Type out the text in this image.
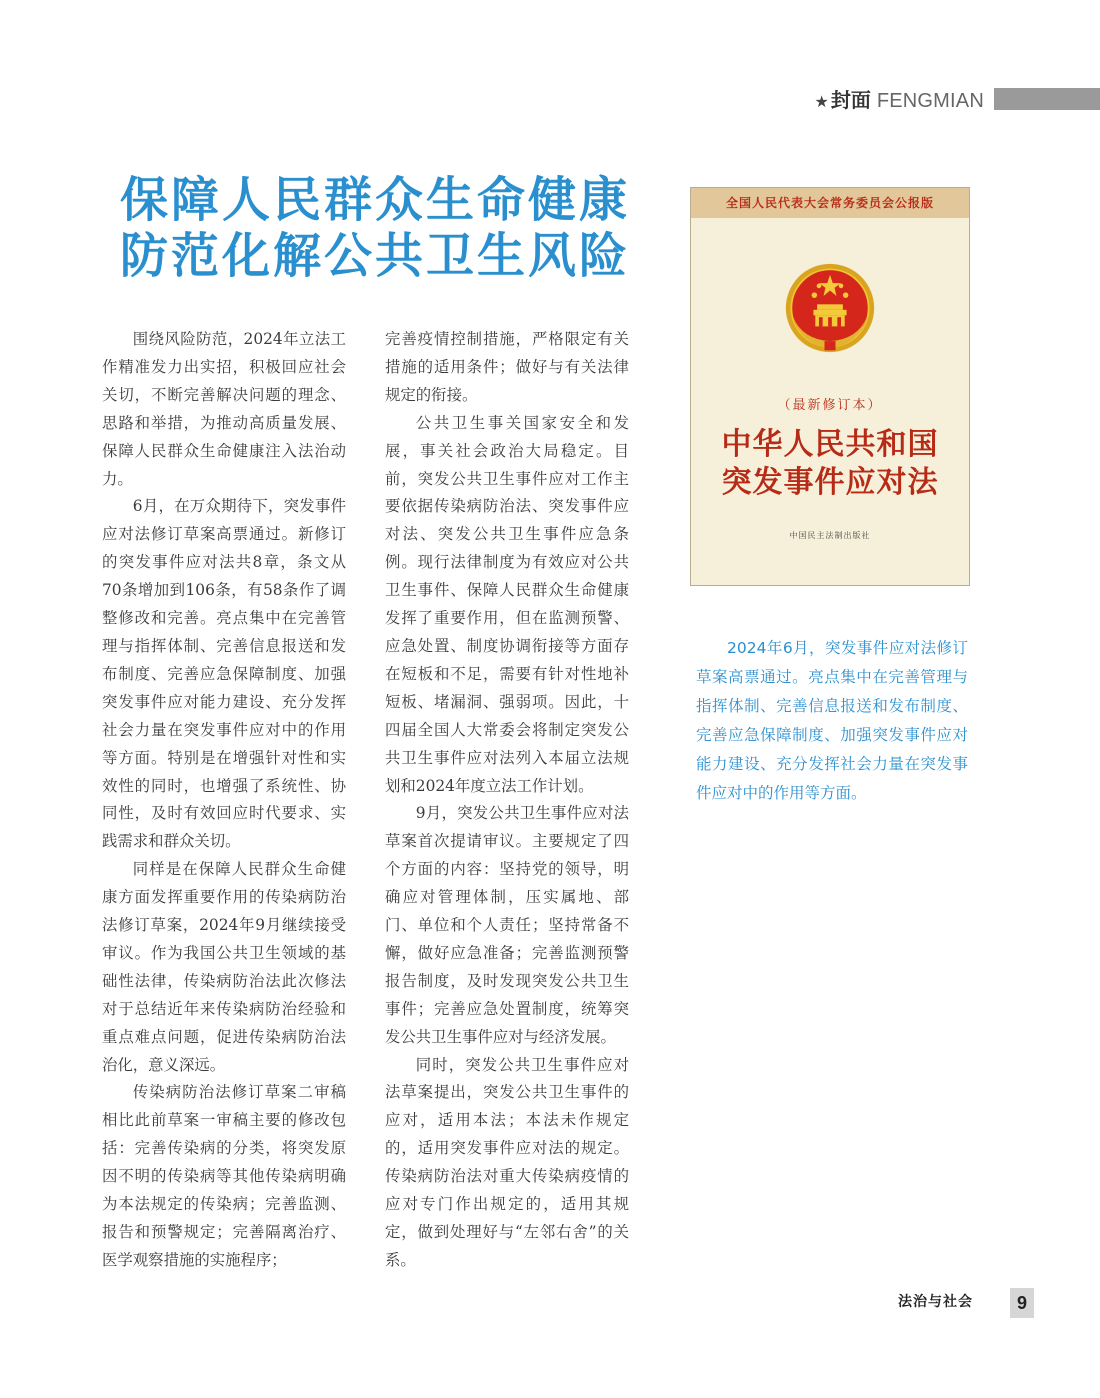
★ 封面 FENGMIAN
保障人民群众生命健康
防范化解公共卫生风险

围绕风险防范，2024年立法工作精准发力出实招，积极回应社会关切，不断完善解决问题的理念、思路和举措，为推动高质量发展、保障人民群众生命健康注入法治动力。

6月，在万众期待下，突发事件应对法修订草案高票通过。新修订的突发事件应对法共8章，条文从70条增加到106条，有58条作了调整修改和完善。亮点集中在完善管理与指挥体制、完善信息报送和发布制度、完善应急保障制度、加强突发事件应对能力建设、充分发挥社会力量在突发事件应对中的作用等方面。特别是在增强针对性和实效性的同时，也增强了系统性、协同性，及时有效回应时代要求、实践需求和群众关切。

同样是在保障人民群众生命健康方面发挥重要作用的传染病防治法修订草案，2024年9月继续接受审议。作为我国公共卫生领域的基础性法律，传染病防治法此次修法对于总结近年来传染病防治经验和重点难点问题，促进传染病防治法治化，意义深远。

传染病防治法修订草案二审稿相比此前草案一审稿主要的修改包括：完善传染病的分类，将突发原因不明的传染病等其他传染病明确为本法规定的传染病；完善监测、报告和预警规定；完善隔离治疗、医学观察措施的实施程序；

完善疫情控制措施，严格限定有关措施的适用条件；做好与有关法律规定的衔接。

公共卫生事关国家安全和发展，事关社会政治大局稳定。目前，突发公共卫生事件应对工作主要依据传染病防治法、突发事件应对法、突发公共卫生事件应急条例。现行法律制度为有效应对公共卫生事件、保障人民群众生命健康发挥了重要作用，但在监测预警、应急处置、制度协调衔接等方面存在短板和不足，需要有针对性地补短板、堵漏洞、强弱项。因此，十四届全国人大常委会将制定突发公共卫生事件应对法列入本届立法规划和2024年度立法工作计划。

9月，突发公共卫生事件应对法草案首次提请审议。主要规定了四个方面的内容：坚持党的领导，明确应对管理体制，压实属地、部门、单位和个人责任；坚持常备不懈，做好应急准备；完善监测预警报告制度，及时发现突发公共卫生事件；完善应急处置制度，统筹突发公共卫生事件应对与经济发展。

同时，突发公共卫生事件应对法草案提出，突发公共卫生事件的应对，适用本法；本法未作规定的，适用突发事件应对法的规定。传染病防治法对重大传染病疫情的应对专门作出规定的，适用其规定，做到处理好与“左邻右舍”的关系。

全国人民代表大会常务委员会公报版
（最新修订本）
中华人民共和国
突发事件应对法
中国民主法制出版社

2024年6月，突发事件应对法修订草案高票通过。亮点集中在完善管理与指挥体制、完善信息报送和发布制度、完善应急保障制度、加强突发事件应对能力建设、充分发挥社会力量在突发事件应对中的作用等方面。

法治与社会	9
